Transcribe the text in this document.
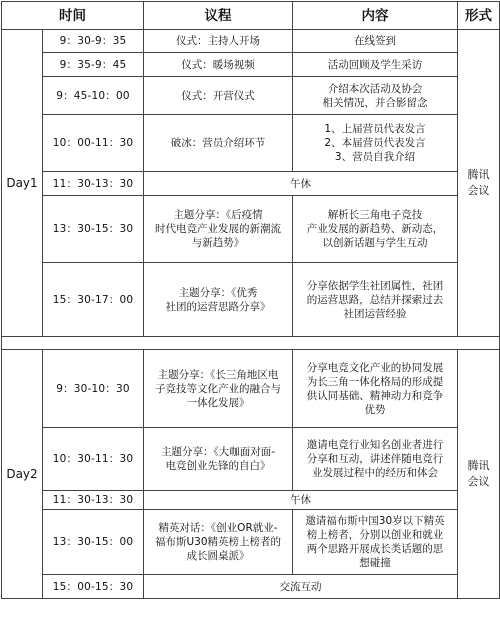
时间		议程	内容	形式
Day1	9：30-9：35	仪式：主持人开场	在线签到	腾讯
会议
	9：35-9：45	仪式：暖场视频	活动回顾及学生采访	
	9：45-10：00	仪式：开营仪式	介绍本次活动及协会
相关情况，并合影留念	
	10：00-11：30	破冰：营员介绍环节	1、上届营员代表发言
2、本届营员代表发言
3、营员自我介绍	
	11：30-13：30	午休		
	13：30-15：30	主题分享：《后疫情
时代电竞产业发展的新潮流
与新趋势》	解析长三角电子竞技
产业发展的新趋势、新动态，
以创新话题与学生互动	
	15：30-17：00	主题分享：《优秀
社团的运营思路分享》	分享依据学生社团属性，社团
的运营思路，总结并探索过去
社团运营经验	

Day2	9：30-10：30	主题分享：《长三角地区电
子竞技等文化产业的融合与
一体化发展》	分享电竞文化产业的协同发展
为长三角一体化格局的形成提
供认同基础、精神动力和竞争
优势	腾讯
会议
	10：30-11：30	主题分享：《大咖面对面-
电竞创业先锋的自白》	邀请电竞行业知名创业者进行
分享和互动，讲述伴随电竞行
业发展过程中的经历和体会	
	11：30-13：30	午休		
	13：30-15：00	精英对话：《创业OR就业-
福布斯U30精英榜上榜者的
成长圆桌派》	邀请福布斯中国30岁以下精英
榜上榜者，分别以创业和就业
两个思路开展成长类话题的思
想碰撞	
	15：00-15：30	交流互动		
